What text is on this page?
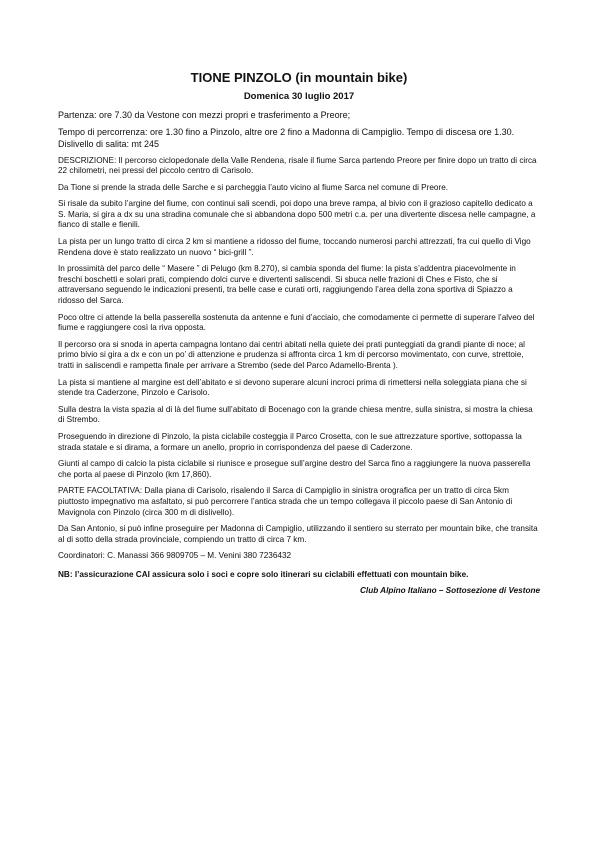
TIONE PINZOLO (in mountain bike)
Domenica 30 luglio 2017

Partenza: ore 7.30 da Vestone con mezzi propri e trasferimento a Preore;

Tempo di percorrenza: ore 1.30 fino a Pinzolo, altre ore 2 fino a Madonna di Campiglio. Tempo di discesa ore 1.30. Dislivello di salita: mt 245

DESCRIZIONE: Il percorso ciclopedonale della Valle Rendena, risale il fiume Sarca partendo Preore per finire dopo un tratto di circa 22 chilometri, nei pressi del piccolo centro di Carisolo.

Da Tione si prende la strada delle Sarche e si parcheggia l’auto vicino al fiume Sarca nel comune di Preore.

Si risale da subito l’argine del fiume, con continui sali scendi, poi dopo una breve rampa, al bivio con il grazioso capitello dedicato a S. Maria, si gira a dx su una stradina comunale che si abbandona dopo 500 metri c.a. per una divertente discesa nelle campagne, a fianco di stalle e fienili.

La pista per un lungo tratto di circa 2 km si mantiene a ridosso del fiume, toccando numerosi parchi attrezzati, fra cui quello di Vigo Rendena dove è stato realizzato un nuovo “ bici-grill ”.

In prossimità del parco delle “ Masere ” di Pelugo (km 8.270), si cambia sponda del fiume: la pista s’addentra piacevolmente in freschi boschetti e solari prati, compiendo dolci curve e divertenti saliscendi. Si sbuca nelle frazioni di Ches e Fisto, che si attraversano seguendo le indicazioni presenti, tra belle case e curati orti, raggiungendo l’area della zona sportiva di Spiazzo a ridosso del Sarca.

Poco oltre ci attende la bella passerella sostenuta da antenne e funi d’acciaio, che comodamente ci permette di superare l’alveo del fiume e raggiungere così la riva opposta.

Il percorso ora si snoda in aperta campagna lontano dai centri abitati nella quiete dei prati punteggiati da grandi piante di noce; al primo bivio si gira a dx e con un po’ di attenzione e prudenza si affronta circa 1 km di percorso movimentato, con curve, strettoie, tratti in saliscendi e rampetta finale per arrivare a Strembo (sede del Parco Adamello-Brenta ).

La pista si mantiene al margine est dell’abitato e si devono superare alcuni incroci prima di rimettersi nella soleggiata piana che si stende tra Caderzone, Pinzolo e Carisolo.

Sulla destra la vista spazia al di là del fiume sull’abitato di Bocenago con la grande chiesa mentre, sulla sinistra, si mostra la chiesa di Strembo.

Proseguendo in direzione di Pinzolo, la pista ciclabile costeggia il Parco Crosetta, con le sue attrezzature sportive, sottopassa la strada statale e si dirama, a formare un anello, proprio in corrispondenza del paese di Caderzone.

Giunti al campo di calcio la pista ciclabile si riunisce e prosegue sull’argine destro del Sarca fino a raggiungere la nuova passerella che porta al paese di Pinzolo (km 17,860).

PARTE FACOLTATIVA: Dalla piana di Carisolo, risalendo il Sarca di Campiglio in sinistra orografica per un tratto di circa 5km piuttosto impegnativo ma asfaltato, si può percorrere l’antica strada che un tempo collegava il piccolo paese di San Antonio di Mavignola con Pinzolo (circa 300 m di dislivello).

Da San Antonio, si può infine proseguire per Madonna di Campiglio, utilizzando il sentiero su sterrato per mountain bike, che transita al di sotto della strada provinciale, compiendo un tratto di circa 7 km.

Coordinatori: C. Manassi 366 9809705 – M. Venini 380 7236432

NB: l’assicurazione CAI assicura solo i soci e copre solo itinerari su ciclabili effettuati con mountain bike.

Club Alpino Italiano – Sottosezione di Vestone
